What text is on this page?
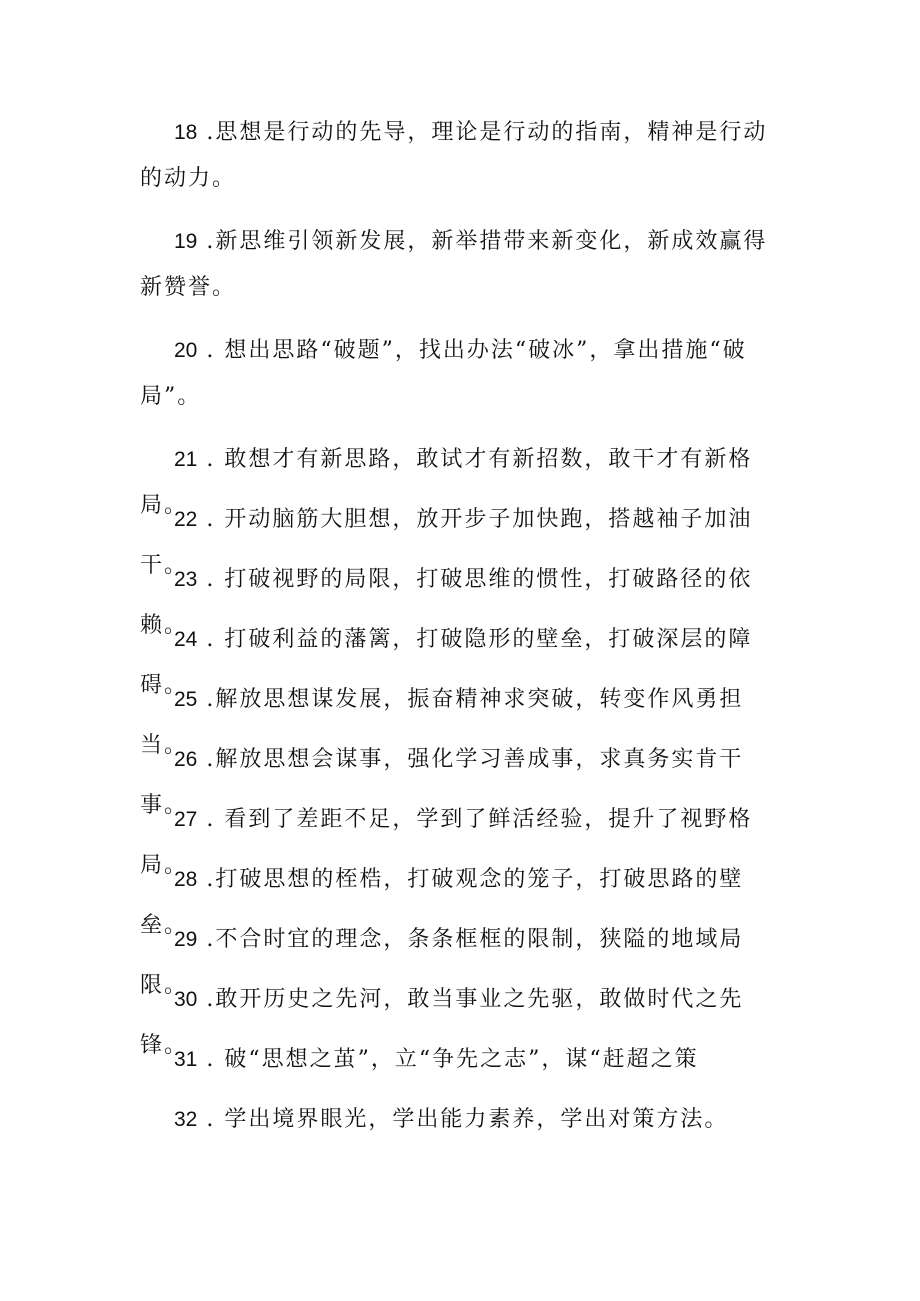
18 .思想是行动的先导，理论是行动的指南，精神是行动的动力。
19 .新思维引领新发展，新举措带来新变化，新成效赢得新赞誉。
20 . 想出思路“破题”，找出办法“破冰”，拿出措施“破局”。
21 . 敢想才有新思路，敢试才有新招数，敢干才有新格局。
22 . 开动脑筋大胆想，放开步子加快跑，搭越袖子加油干。
23 . 打破视野的局限，打破思维的惯性，打破路径的依赖。
24 . 打破利益的藩篱，打破隐形的壁垒，打破深层的障碍。
25 .解放思想谋发展，振奋精神求突破，转变作风勇担当。
26 .解放思想会谋事，强化学习善成事，求真务实肯干事。
27 . 看到了差距不足，学到了鲜活经验，提升了视野格局。
28 .打破思想的桎梏，打破观念的笼子，打破思路的壁垒。
29 .不合时宜的理念，条条框框的限制，狭隘的地域局限。
30 .敢开历史之先河，敢当事业之先驱，敢做时代之先锋。
31 . 破“思想之茧”，立“争先之志”，谋“赶超之策
32 . 学出境界眼光，学出能力素养，学出对策方法。
